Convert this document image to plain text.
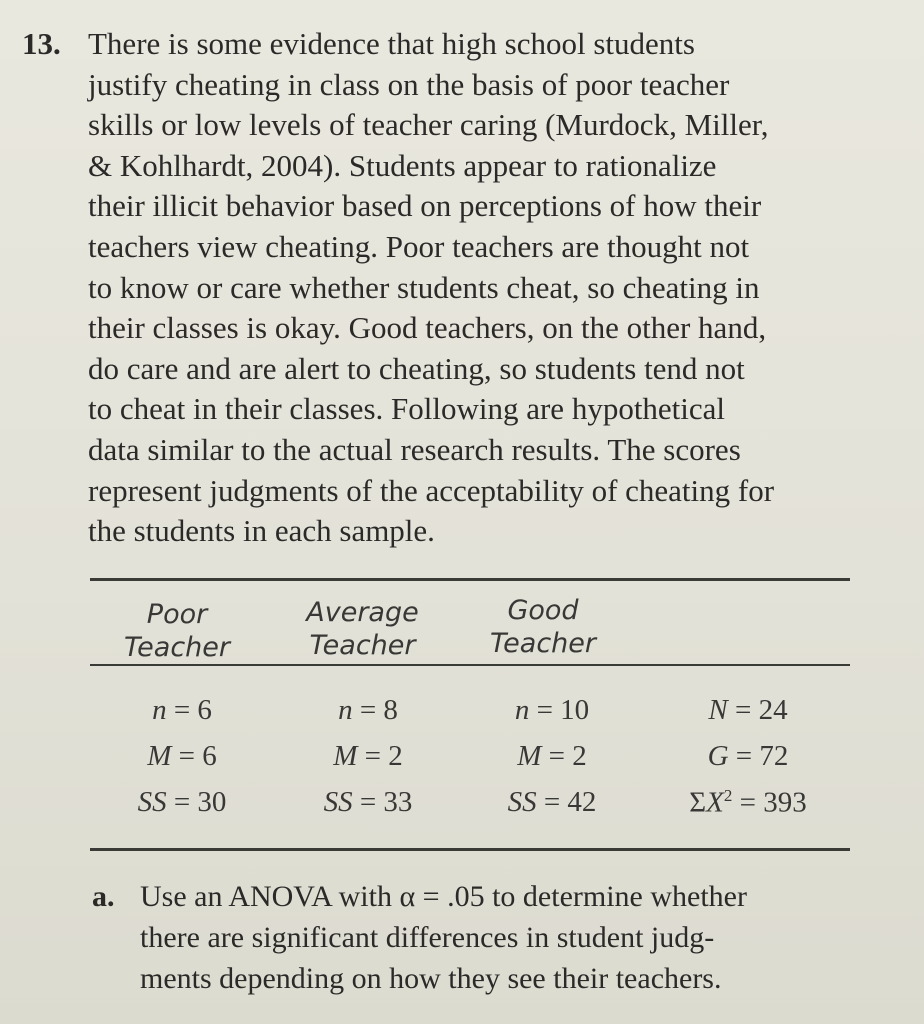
13. There is some evidence that high school students
justify cheating in class on the basis of poor teacher
skills or low levels of teacher caring (Murdock, Miller,
& Kohlhardt, 2004). Students appear to rationalize
their illicit behavior based on perceptions of how their
teachers view cheating. Poor teachers are thought not
to know or care whether students cheat, so cheating in
their classes is okay. Good teachers, on the other hand,
do care and are alert to cheating, so students tend not
to cheat in their classes. Following are hypothetical
data similar to the actual research results. The scores
represent judgments of the acceptability of cheating for
the students in each sample.
Poor
Teacher
Average
Teacher
Good
Teacher
n = 6
M = 6
SS = 30
n = 8
M = 2
SS = 33
n = 10
M = 2
SS = 42
N = 24
G = 72
$\Sigma X^2 = 393$
a. Use an ANOVA with α = .05 to determine whether
there are significant differences in student judg-
ments depending on how they see their teachers.
